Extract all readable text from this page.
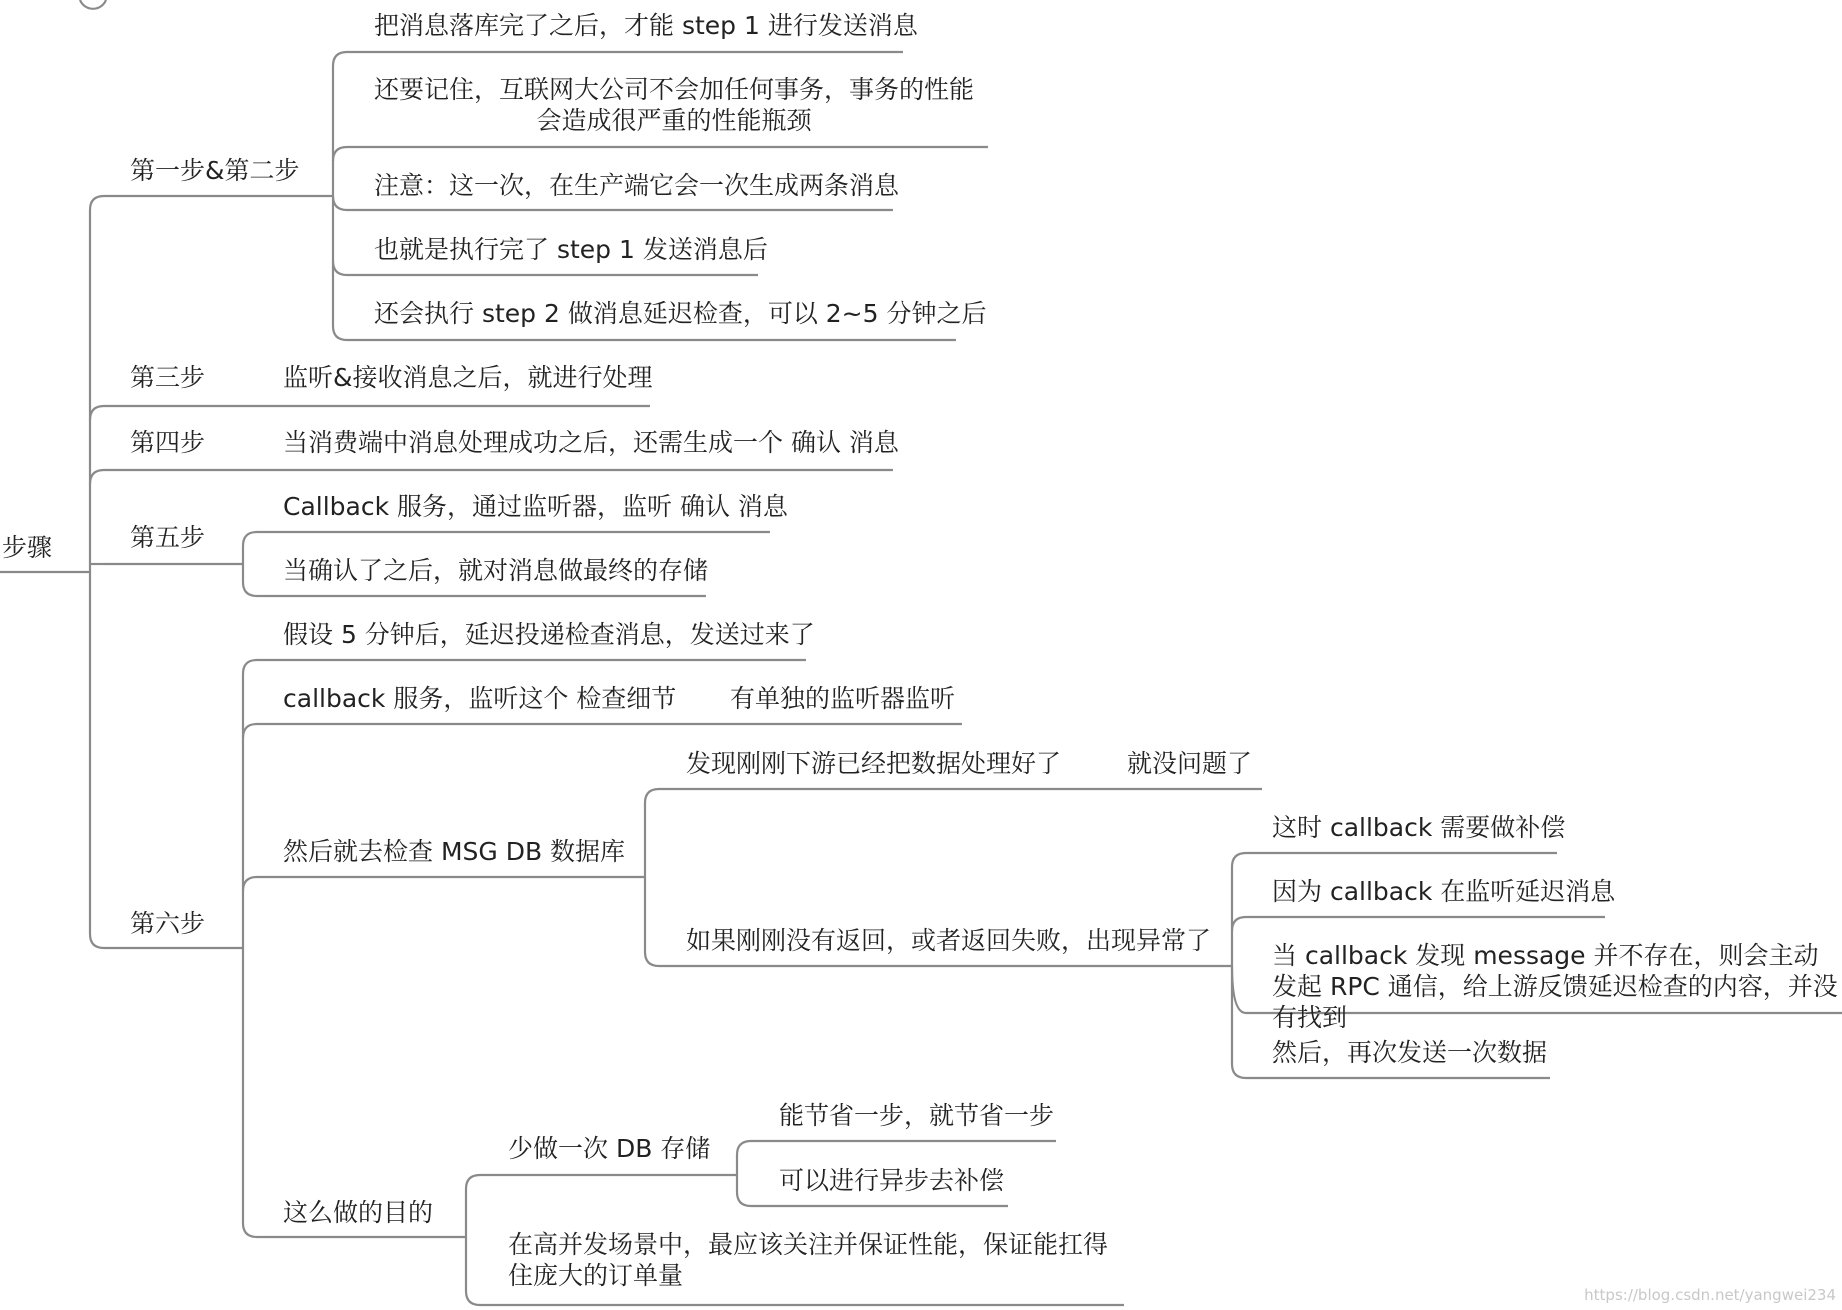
步骤
第一步&第二步
第三步
第四步
第五步
第六步
把消息落库完了之后，才能 step 1 进行发送消息
还要记住，互联网大公司不会加任何事务，事务的性能会造成很严重的性能瓶颈
注意：这一次，在生产端它会一次生成两条消息
也就是执行完了 step 1 发送消息后
还会执行 step 2 做消息延迟检查，可以 2~5 分钟之后
监听&接收消息之后，就进行处理
当消费端中消息处理成功之后，还需生成一个 确认 消息
Callback 服务，通过监听器，监听 确认 消息
当确认了之后，就对消息做最终的存储
假设 5 分钟后，延迟投递检查消息，发送过来了
callback 服务，监听这个 检查细节 有单独的监听器监听
然后就去检查 MSG DB 数据库
发现刚刚下游已经把数据处理好了	就没问题了
如果刚刚没有返回，或者返回失败，出现异常了
这时 callback 需要做补偿
因为 callback 在监听延迟消息
当 callback 发现 message 并不存在，则会主动发起 RPC 通信，给上游反馈延迟检查的内容，并没有找到
然后，再次发送一次数据
这么做的目的
少做一次 DB 存储
能节省一步，就节省一步
可以进行异步去补偿
在高并发场景中，最应该关注并保证性能，保证能扛得住庞大的订单量
https://blog.csdn.net/yangwei234
